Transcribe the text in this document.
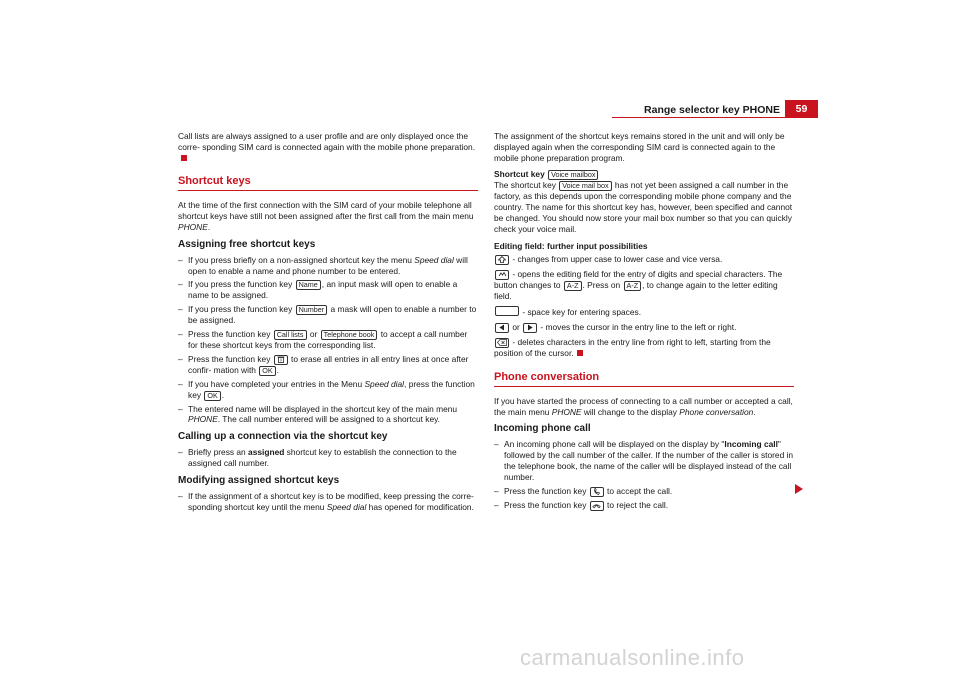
Range selector key PHONE	59

Call lists are always assigned to a user profile and are only displayed once the corre- sponding SIM card is connected again with the mobile phone preparation.

Shortcut keys

At the time of the first connection with the SIM card of your mobile telephone all shortcut keys have still not been assigned after the first call from the main menu PHONE.

Assigning free shortcut keys
– If you press briefly on a non-assigned shortcut key the menu Speed dial will open to enable a name and phone number to be entered.
– If you press the function key Name , an input mask will open to enable a name to be assigned.
– If you press the function key Number a mask will open to enable a number to be assigned.
– Press the function key Call lists or Telephone book to accept a call number for these shortcut keys from the corresponding list.
– Press the function key  to erase all entries in all entry lines at once after confir- mation with OK .
– If you have completed your entries in the Menu Speed dial, press the function key OK .
– The entered name will be displayed in the shortcut key of the main menu PHONE. The call number entered will be assigned to a shortcut key.
Calling up a connection via the shortcut key
– Briefly press an assigned shortcut key to establish the connection to the assigned call number.
Modifying assigned shortcut keys
– If the assignment of a shortcut key is to be modified, keep pressing the corre- sponding shortcut key until the menu Speed dial has opened for modification.

The assignment of the shortcut keys remains stored in the unit and will only be displayed again when the corresponding SIM card is connected again to the mobile phone preparation program.

Shortcut key Voice mailbox
The shortcut key Voice mail box has not yet been assigned a call number in the factory, as this depends upon the corresponding mobile phone company and the country. The name for this shortcut key has, however, been specified and cannot be changed. You should now store your mail box number so that you can quickly check your voice mail.

Editing field: further input possibilities
- changes from upper case to lower case and vice versa.
- opens the editing field for the entry of digits and special characters. The button changes to A-Z . Press on A-Z , to change again to the letter editing field.
- space key for entering spaces.
or  - moves the cursor in the entry line to the left or right.
- deletes characters in the entry line from right to left, starting from the position of the cursor.
Phone conversation

If you have started the process of connecting to a call number or accepted a call, the main menu PHONE will change to the display Phone conversation.

Incoming phone call
– An incoming phone call will be displayed on the display by "Incoming call" followed by the call number of the caller. If the number of the caller is stored in the telephone book, the name of the caller will be displayed instead of the call number.
– Press the function key  to accept the call.
– Press the function key  to reject the call.
carmanualsonline.info
